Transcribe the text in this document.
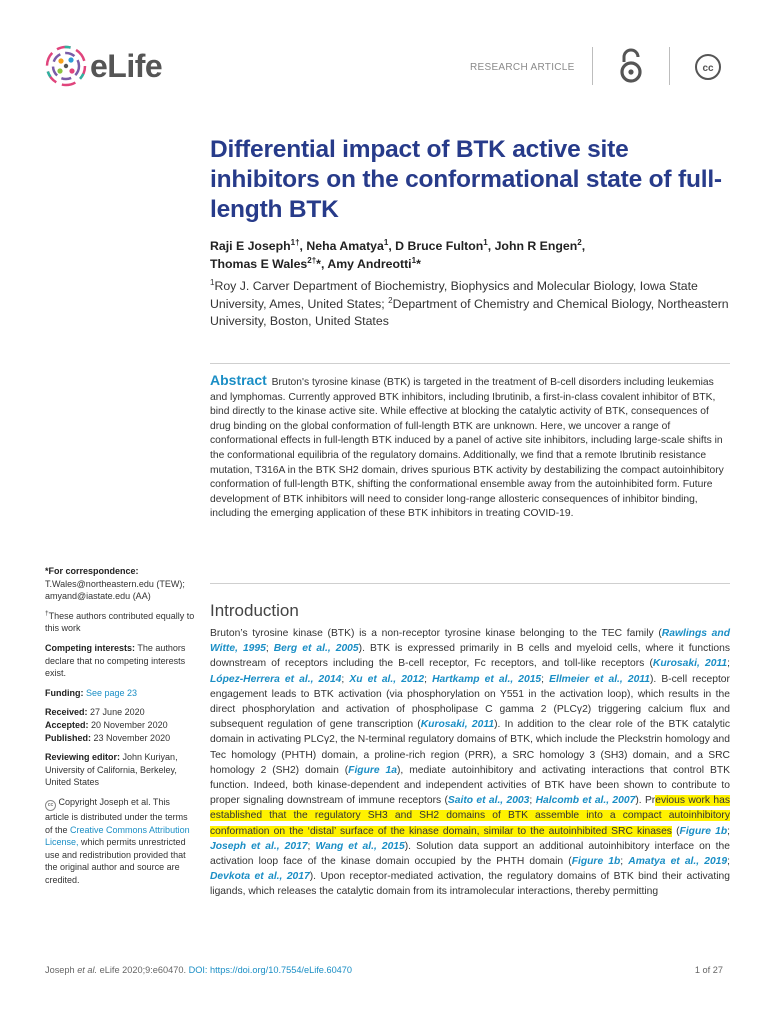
eLife	RESEARCH ARTICLE	cc
Differential impact of BTK active site inhibitors on the conformational state of full-length BTK

Raji E Joseph$^{1\dagger}$, Neha Amatya$^1$, D Bruce Fulton$^1$, John R Engen$^2$,
Thomas E Wales$^{2\dagger}$*, Amy Andreotti$^1$*

$^1$Roy J. Carver Department of Biochemistry, Biophysics and Molecular Biology, Iowa State University, Ames, United States; $^2$Department of Chemistry and Chemical Biology, Northeastern University, Boston, United States

Abstract Bruton's tyrosine kinase (BTK) is targeted in the treatment of B-cell disorders including leukemias and lymphomas. Currently approved BTK inhibitors, including Ibrutinib, a first-in-class covalent inhibitor of BTK, bind directly to the kinase active site. While effective at blocking the catalytic activity of BTK, consequences of drug binding on the global conformation of full-length BTK are unknown. Here, we uncover a range of conformational effects in full-length BTK induced by a panel of active site inhibitors, including large-scale shifts in the conformational equilibria of the regulatory domains. Additionally, we find that a remote Ibrutinib resistance mutation, T316A in the BTK SH2 domain, drives spurious BTK activity by destabilizing the compact autoinhibitory conformation of full-length BTK, shifting the conformational ensemble away from the autoinhibited form. Future development of BTK inhibitors will need to consider long-range allosteric consequences of inhibitor binding, including the emerging application of these BTK inhibitors in treating COVID-19.

*For correspondence:
T.Wales@northeastern.edu (TEW); amyand@iastate.edu (AA)
†These authors contributed equally to this work
Competing interests: The authors declare that no competing interests exist.
Funding: See page 23
Received: 27 June 2020
Accepted: 20 November 2020
Published: 23 November 2020
Reviewing editor: John Kuriyan, University of California, Berkeley, United States
cc Copyright Joseph et al. This article is distributed under the terms of the Creative Commons Attribution License, which permits unrestricted use and redistribution provided that the original author and source are credited.
Introduction

Bruton’s tyrosine kinase (BTK) is a non-receptor tyrosine kinase belonging to the TEC family (Rawlings and Witte, 1995; Berg et al., 2005). BTK is expressed primarily in B cells and myeloid cells, where it functions downstream of receptors including the B-cell receptor, Fc receptors, and toll-like receptors (Kurosaki, 2011; López-Herrera et al., 2014; Xu et al., 2012; Hartkamp et al., 2015; Ellmeier et al., 2011). B-cell receptor engagement leads to BTK activation (via phosphorylation on Y551 in the activation loop), which results in the direct phosphorylation and activation of phospholipase C gamma 2 (PLCγ2) triggering calcium flux and subsequent regulation of gene transcription (Kurosaki, 2011). In addition to the clear role of the BTK catalytic domain in activating PLCγ2, the N-terminal regulatory domains of BTK, which include the Pleckstrin homology and Tec homology (PHTH) domain, a proline-rich region (PRR), a SRC homology 3 (SH3) domain, and a SRC homology 2 (SH2) domain (Figure 1a), mediate autoinhibitory and activating interactions that control BTK function. Indeed, both kinase-dependent and independent activities of BTK have been shown to contribute to proper signaling downstream of immune receptors (Saito et al., 2003; Halcomb et al., 2007). Previous work has established that the regulatory SH3 and SH2 domains of BTK assemble into a compact autoinhibitory conformation on the ‘distal’ surface of the kinase domain, similar to the autoinhibited SRC kinases (Figure 1b; Joseph et al., 2017; Wang et al., 2015). Solution data support an additional autoinhibitory interface on the activation loop face of the kinase domain occupied by the PHTH domain (Figure 1b; Amatya et al., 2019; Devkota et al., 2017). Upon receptor-mediated activation, the regulatory domains of BTK bind their activating ligands, which releases the catalytic domain from its intramolecular interactions, thereby permitting

Joseph et al. eLife 2020;9:e60470. DOI: https://doi.org/10.7554/eLife.60470	1 of 27
